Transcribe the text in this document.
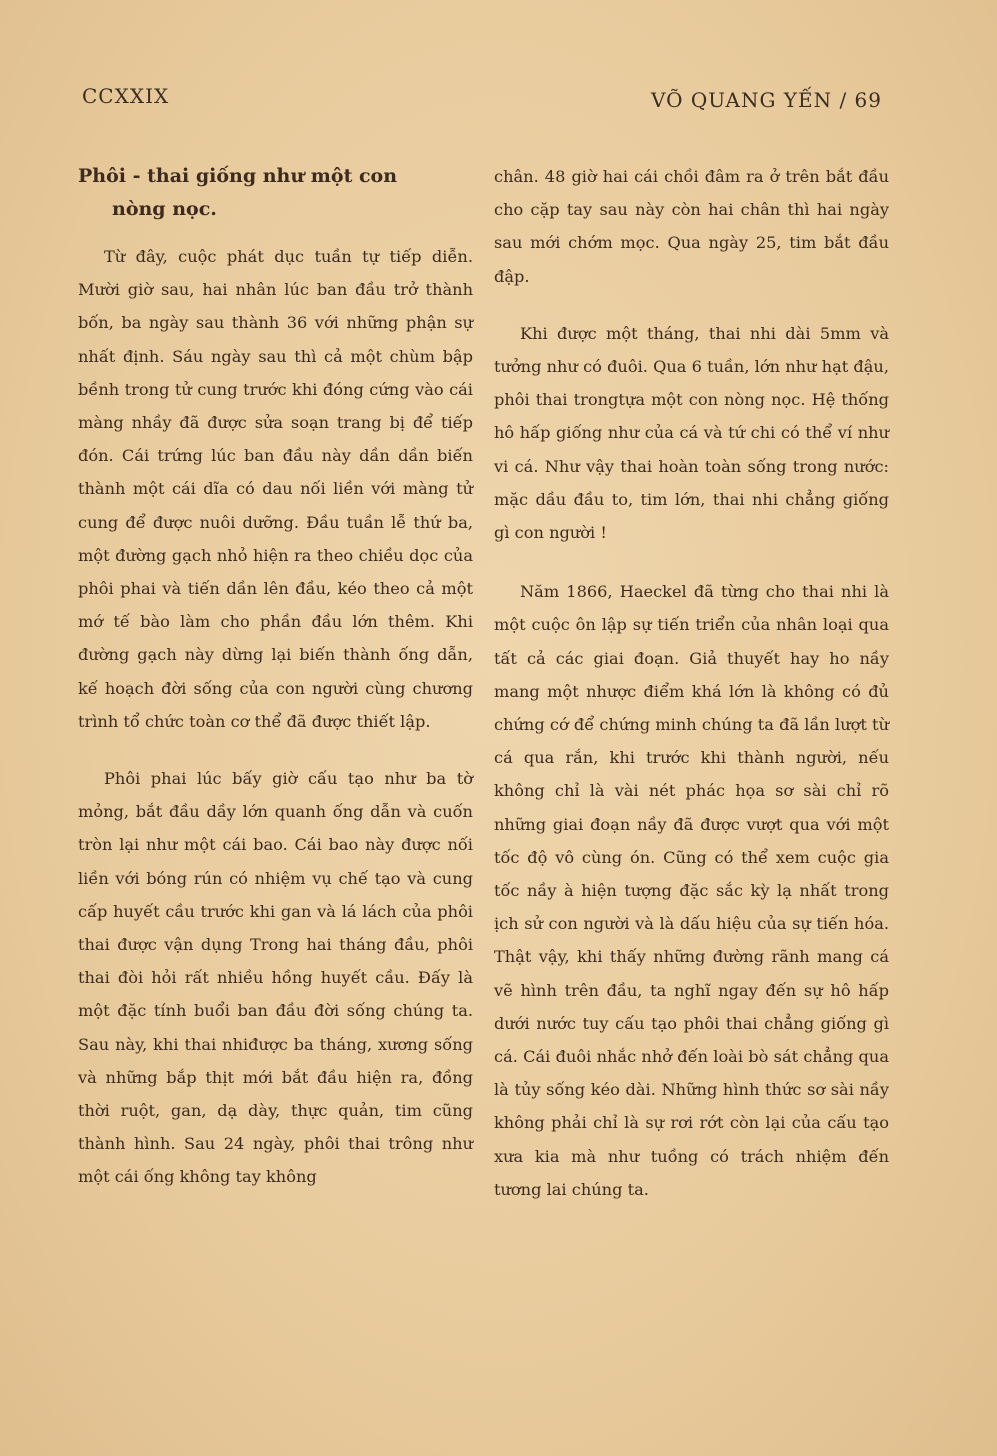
CCXXIX	VÕ QUANG YẾN / 69
Phôi - thai giống như một con
nòng nọc.

Từ đây, cuộc phát dục tuần tự tiếp diễn. Mười giờ sau, hai nhân lúc ban đầu trở thành bốn, ba ngày sau thành 36 với những phận sự nhất định. Sáu ngày sau thì cả một chùm bập bềnh trong tử cung trước khi đóng cứng vào cái màng nhầy đã được sửa soạn trang bị để tiếp đón. Cái trứng lúc ban đầu này dần dần biến thành một cái dĩa có dau nối liền với màng tử cung để được nuôi dưỡng. Đầu tuần lễ thứ ba, một đường gạch nhỏ hiện ra theo chiều dọc của phôi phai và tiến dần lên đầu, kéo theo cả một mớ tế bào làm cho phần đầu lớn thêm. Khi đường gạch này dừng lại biến thành ống dẫn, kế hoạch đời sống của con người cùng chương trình tổ chức toàn cơ thể đã được thiết lập.

Phôi phai lúc bấy giờ cấu tạo như ba tờ mỏng, bắt đầu dầy lớn quanh ống dẫn và cuốn tròn lại như một cái bao. Cái bao này được nối liền với bóng rún có nhiệm vụ chế tạo và cung cấp huyết cầu trước khi gan và lá lách của phôi thai được vận dụng Trong hai tháng đầu, phôi thai đòi hỏi rất nhiều hồng huyết cầu. Đấy là một đặc tính buổi ban đầu đời sống chúng ta. Sau này, khi thai nhiđược ba tháng, xương sống và những bắp thịt mới bắt đầu hiện ra, đồng thời ruột, gan, dạ dày, thực quản, tim cũng thành hình. Sau 24 ngày, phôi thai trông như một cái ống không tay không

chân. 48 giờ hai cái chồi đâm ra ở trên bắt đầu cho cặp tay sau này còn hai chân thì hai ngày sau mới chớm mọc. Qua ngày 25, tim bắt đầu đập.

Khi được một tháng, thai nhi dài 5mm và tưởng như có đuôi. Qua 6 tuần, lớn như hạt đậu, phôi thai trongtựa một con nòng nọc. Hệ thống hô hấp giống như của cá và tứ chi có thể ví như vi cá. Như vậy thai hoàn toàn sống trong nước: mặc dầu đầu to, tim lớn, thai nhi chẳng giống gì con người !

Năm 1866, Haeckel đã từng cho thai nhi là một cuộc ôn lập sự tiến triển của nhân loại qua tất cả các giai đoạn. Giả thuyết hay ho nầy mang một nhược điểm khá lớn là không có đủ chứng cớ để chứng minh chúng ta đã lần lượt từ cá qua rắn, khi trước khi thành người, nếu không chỉ là vài nét phác họa sơ sài chỉ rõ những giai đoạn nầy đã được vượt qua với một tốc độ vô cùng ón. Cũng có thể xem cuộc gia tốc nầy à hiện tượng đặc sắc kỳ lạ nhất trong ịch sử con người và là dấu hiệu của sự tiến hóa. Thật vậy, khi thấy những đường rãnh mang cá vẽ hình trên đầu, ta nghĩ ngay đến sự hô hấp dưới nước tuy cấu tạo phôi thai chẳng giống gì cá. Cái đuôi nhắc nhở đến loài bò sát chẳng qua là tủy sống kéo dài. Những hình thức sơ sài nầy không phải chỉ là sự rơi rớt còn lại của cấu tạo xưa kia mà như tuồng có trách nhiệm đến tương lai chúng ta.
